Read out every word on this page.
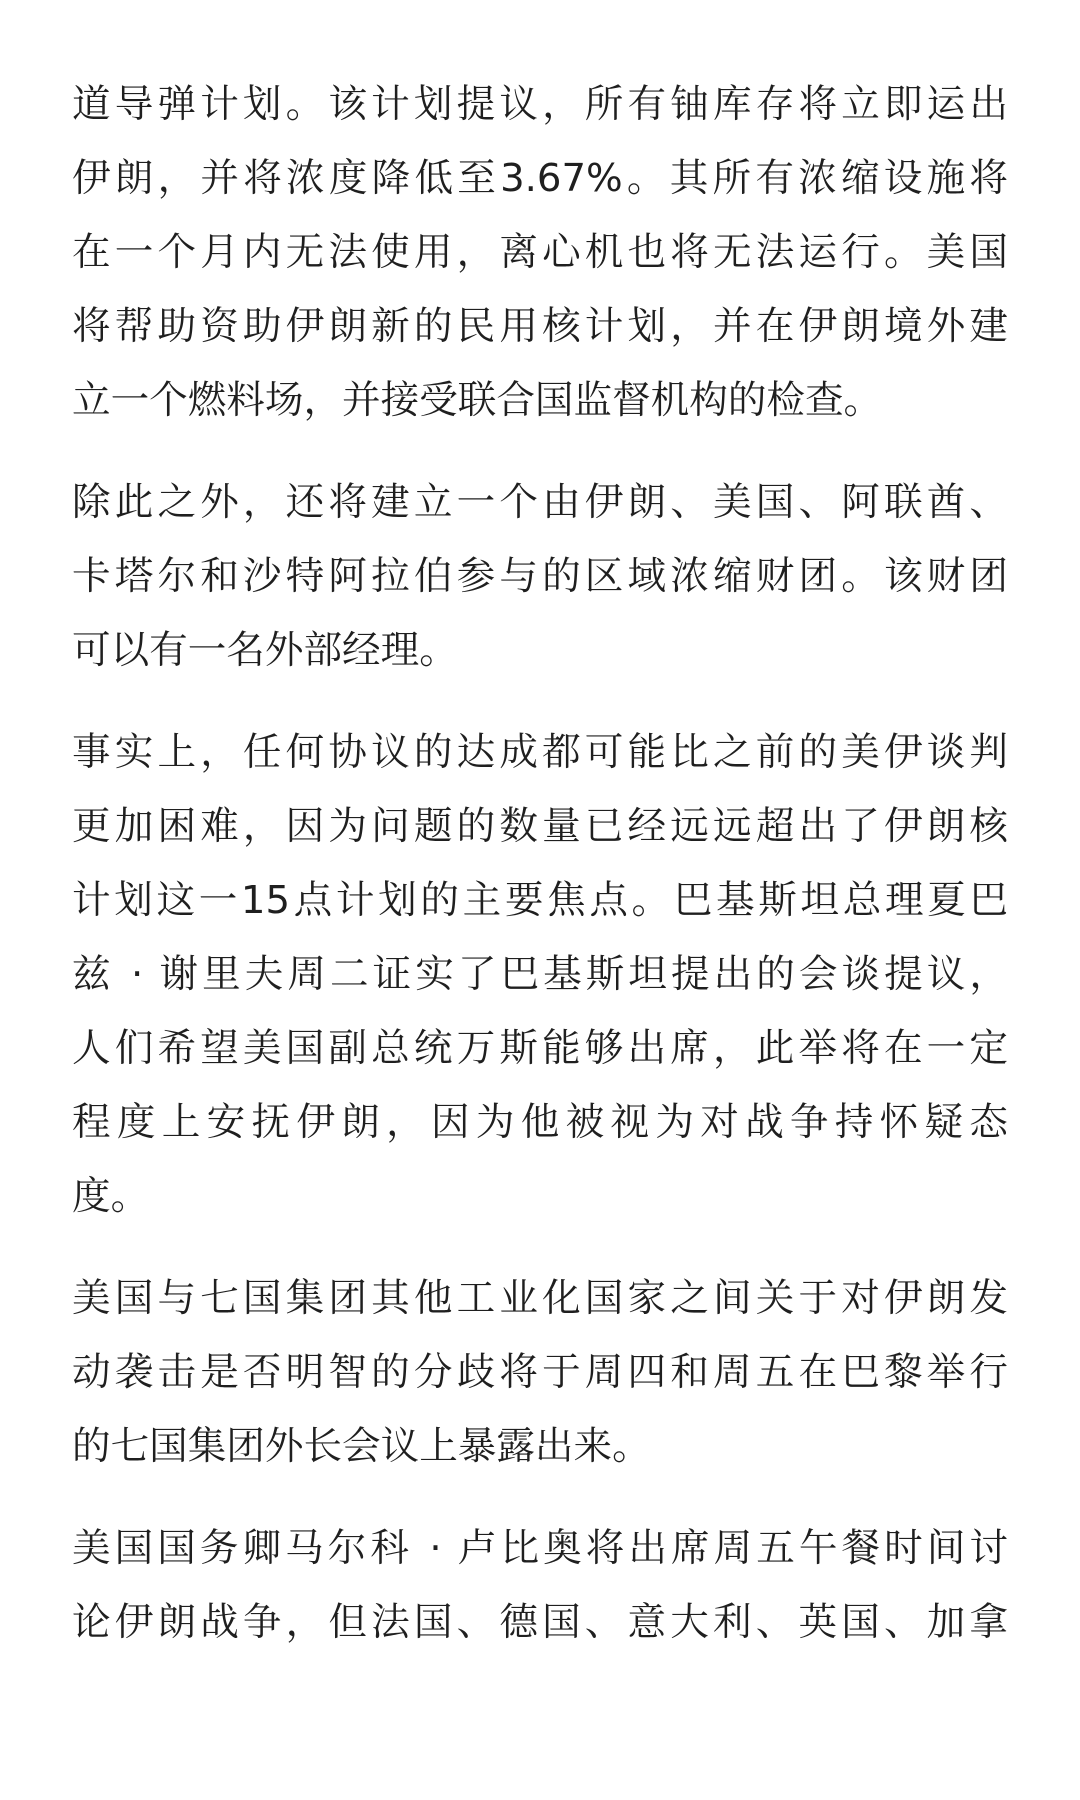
道导弹计划。该计划提议，所有铀库存将立即运出
伊朗，并将浓度降低至3.67%。其所有浓缩设施将
在一个月内无法使用，离心机也将无法运行。美国
将帮助资助伊朗新的民用核计划，并在伊朗境外建
立一个燃料场，并接受联合国监督机构的检查。

除此之外，还将建立一个由伊朗、美国、阿联酋、
卡塔尔和沙特阿拉伯参与的区域浓缩财团。该财团
可以有一名外部经理。

事实上，任何协议的达成都可能比之前的美伊谈判
更加困难，因为问题的数量已经远远超出了伊朗核
计划这一15点计划的主要焦点。巴基斯坦总理夏巴
兹 · 谢里夫周二证实了巴基斯坦提出的会谈提议，
人们希望美国副总统万斯能够出席，此举将在一定
程度上安抚伊朗，因为他被视为对战争持怀疑态
度。

美国与七国集团其他工业化国家之间关于对伊朗发
动袭击是否明智的分歧将于周四和周五在巴黎举行
的七国集团外长会议上暴露出来。

美国国务卿马尔科 · 卢比奥将出席周五午餐时间讨
论伊朗战争，但法国、德国、意大利、英国、加拿
